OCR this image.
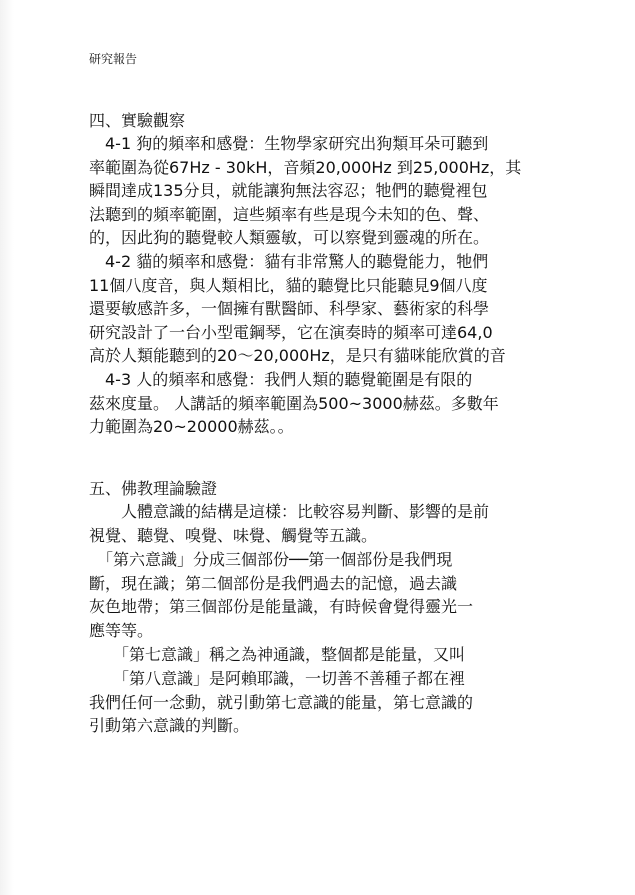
研究報告
四、實驗觀察
　4-1 狗的頻率和感覺：生物學家研究出狗類耳朵可聽到
率範圍為從67Hz - 30kH，音頻20,000Hz 到25,000Hz，其
瞬間達成135分貝，就能讓狗無法容忍；牠們的聽覺裡包
法聽到的頻率範圍，這些頻率有些是現今未知的色、聲、
的，因此狗的聽覺較人類靈敏，可以察覺到靈魂的所在。
　4-2 貓的頻率和感覺：貓有非常驚人的聽覺能力，牠們
11個八度音，與人類相比，貓的聽覺比只能聽見9個八度
還要敏感許多，一個擁有獸醫師、科學家、藝術家的科學
研究設計了一台小型電鋼琴，它在演奏時的頻率可達64,0
高於人類能聽到的20～20,000Hz，是只有貓咪能欣賞的音
　4-3 人的頻率和感覺：我們人類的聽覺範圍是有限的
茲來度量。 人講話的頻率範圍為500~3000赫茲。多數年
力範圍為20~20000赫茲。。
五、佛教理論驗證
　　人體意識的結構是這樣：比較容易判斷、影響的是前
視覺、聽覺、嗅覺、味覺、觸覺等五識。
　「第六意識」分成三個部份──第一個部份是我們現
斷，現在識；第二個部份是我們過去的記憶，過去識
灰色地帶；第三個部份是能量識，有時候會覺得靈光一
應等等。
　　「第七意識」稱之為神通識，整個都是能量，又叫
　　「第八意識」是阿賴耶識，一切善不善種子都在裡
我們任何一念動，就引動第七意識的能量，第七意識的
引動第六意識的判斷。
